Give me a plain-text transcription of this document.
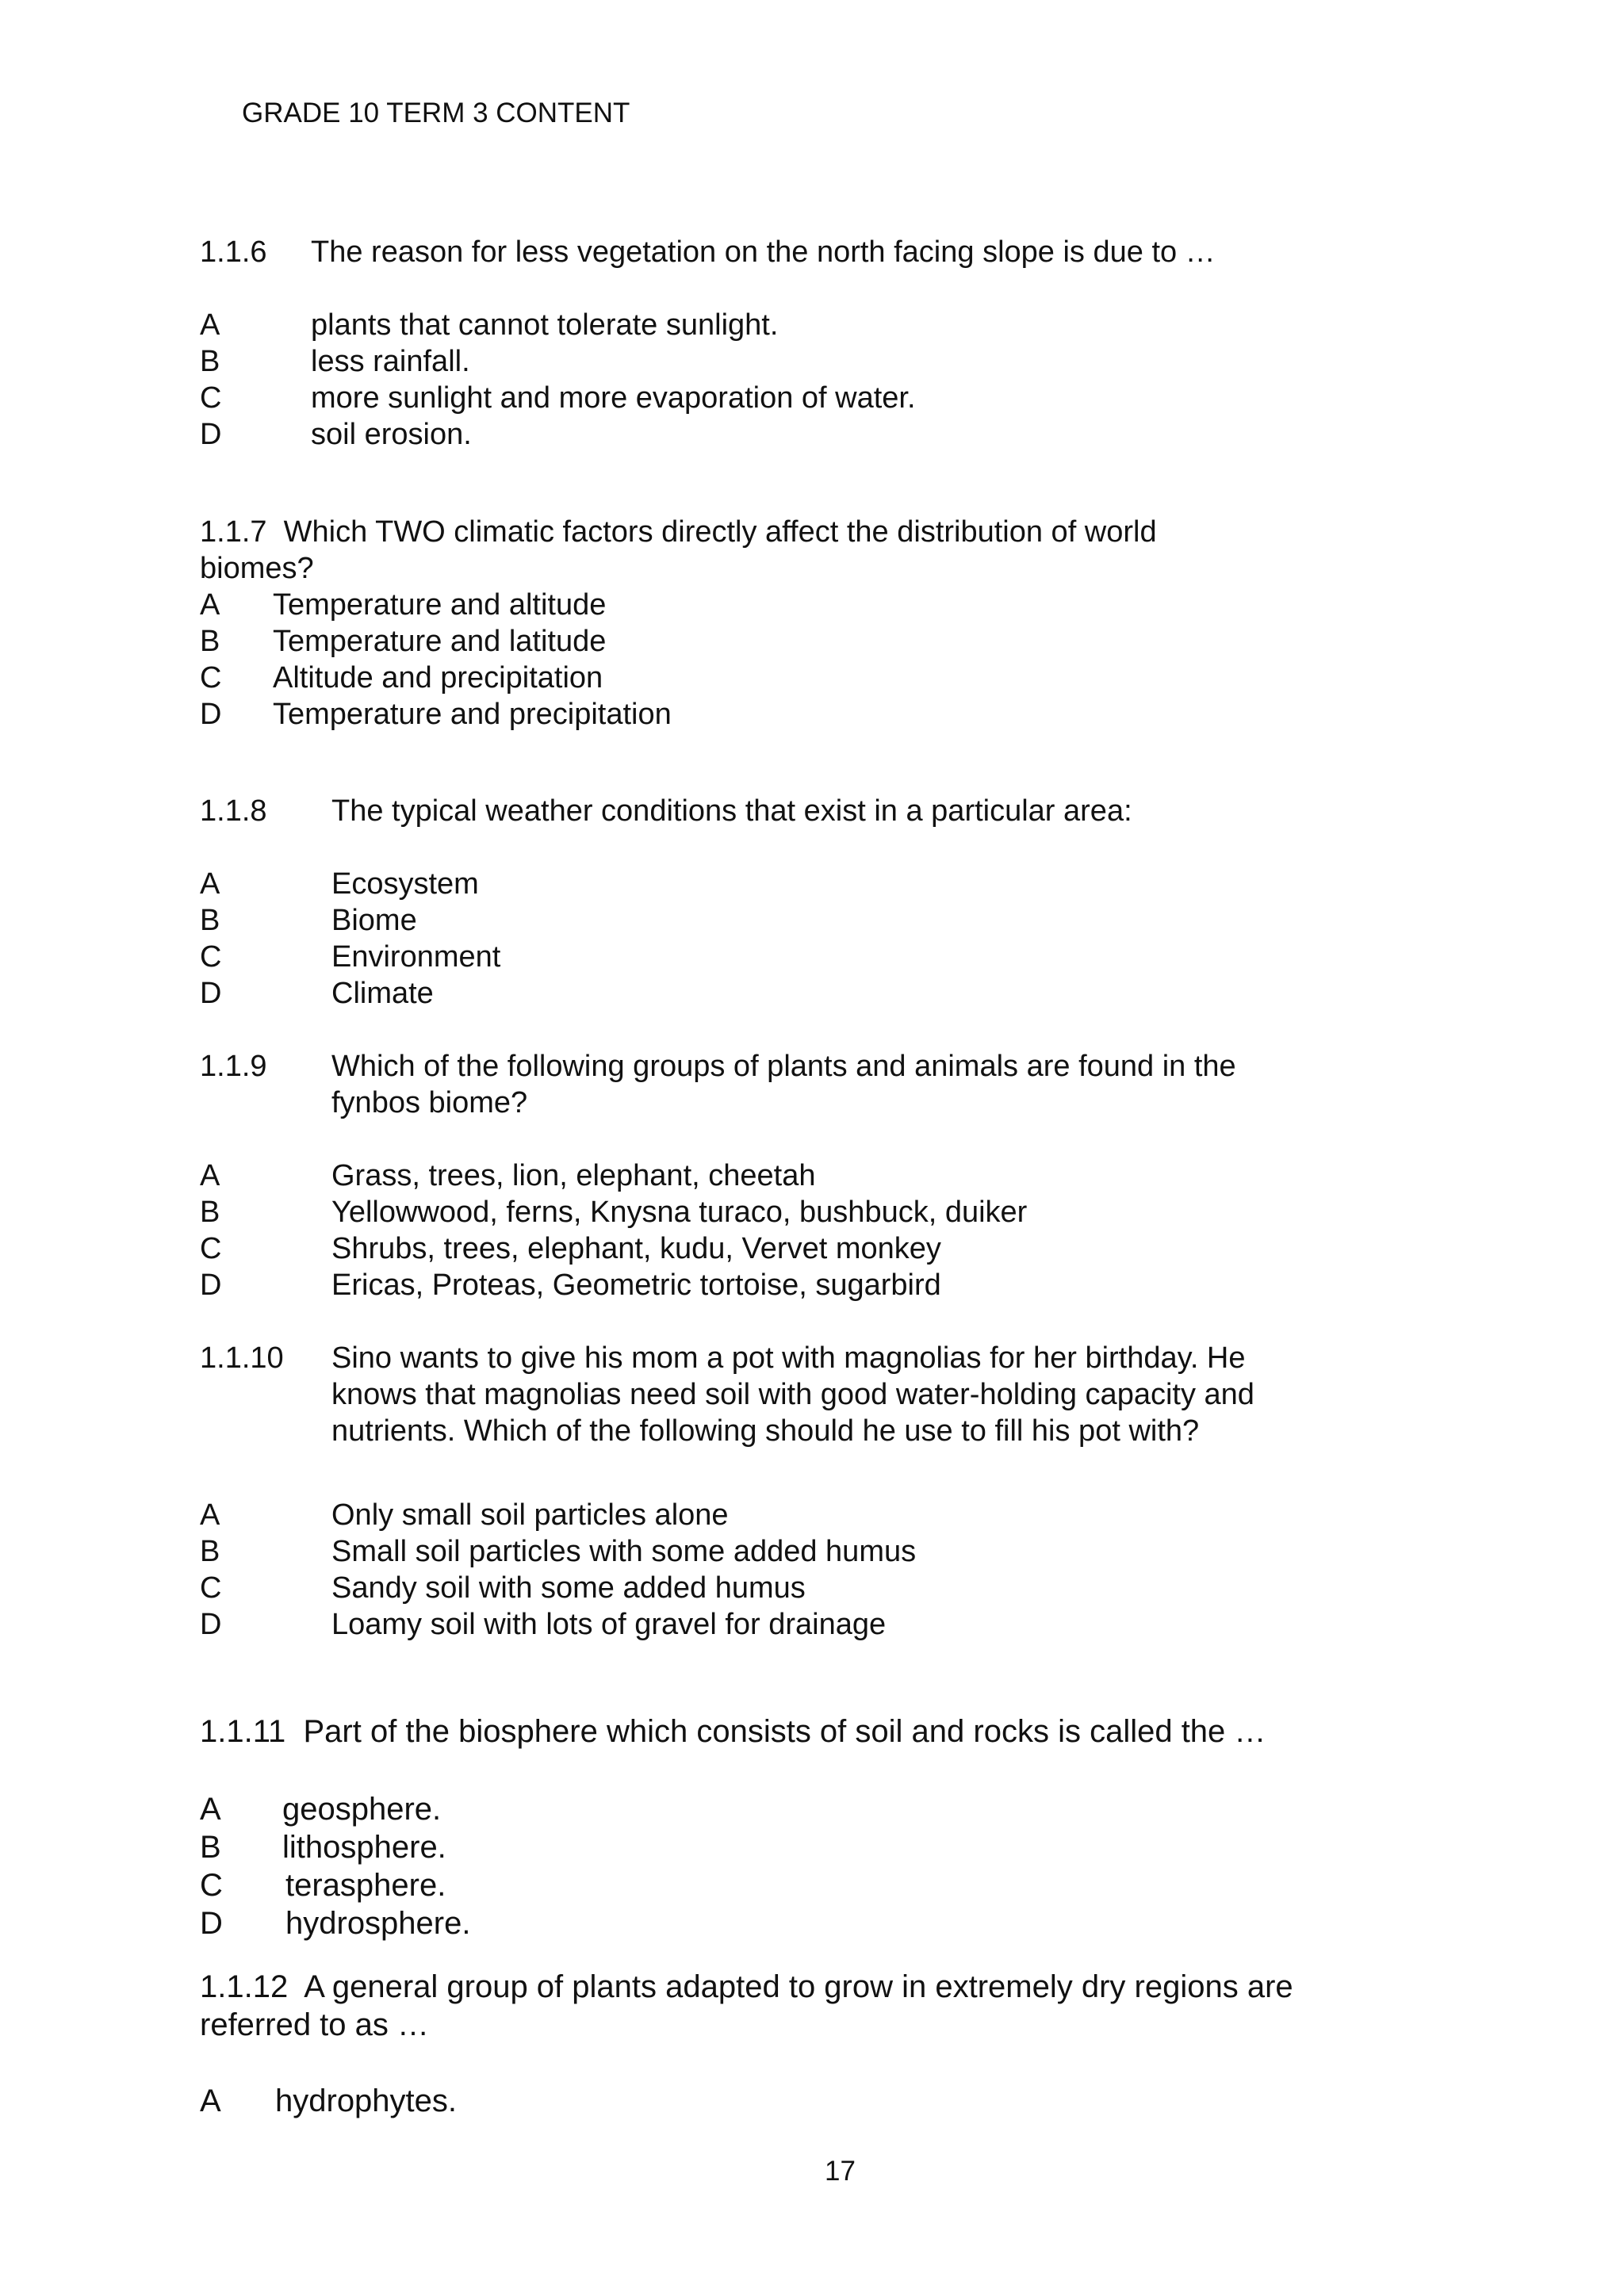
GRADE 10 TERM 3 CONTENT
1.1.6	The reason for less vegetation on the north facing slope is due to …
A	plants that cannot tolerate sunlight.
B	less rainfall.
C	more sunlight and more evaporation of water.
D	soil erosion.
1.1.7 Which TWO climatic factors directly affect the distribution of world biomes?
A	Temperature and altitude
B	Temperature and latitude
C	Altitude and precipitation
D	Temperature and precipitation
1.1.8	The typical weather conditions that exist in a particular area:
A	Ecosystem
B	Biome
C	Environment
D	Climate
1.1.9	Which of the following groups of plants and animals are found in the fynbos biome?
A	Grass, trees, lion, elephant, cheetah
B	Yellowwood, ferns, Knysna turaco, bushbuck, duiker
C	Shrubs, trees, elephant, kudu, Vervet monkey
D	Ericas, Proteas, Geometric tortoise, sugarbird
1.1.10	Sino wants to give his mom a pot with magnolias for her birthday. He knows that magnolias need soil with good water-holding capacity and nutrients. Which of the following should he use to fill his pot with?
A	Only small soil particles alone
B	Small soil particles with some added humus
C	Sandy soil with some added humus
D	Loamy soil with lots of gravel for drainage
1.1.11 Part of the biosphere which consists of soil and rocks is called the …
A	geosphere.
B	lithosphere.
C	terasphere.
D	hydrosphere.
1.1.12 A general group of plants adapted to grow in extremely dry regions are referred to as …
A	hydrophytes.
17
